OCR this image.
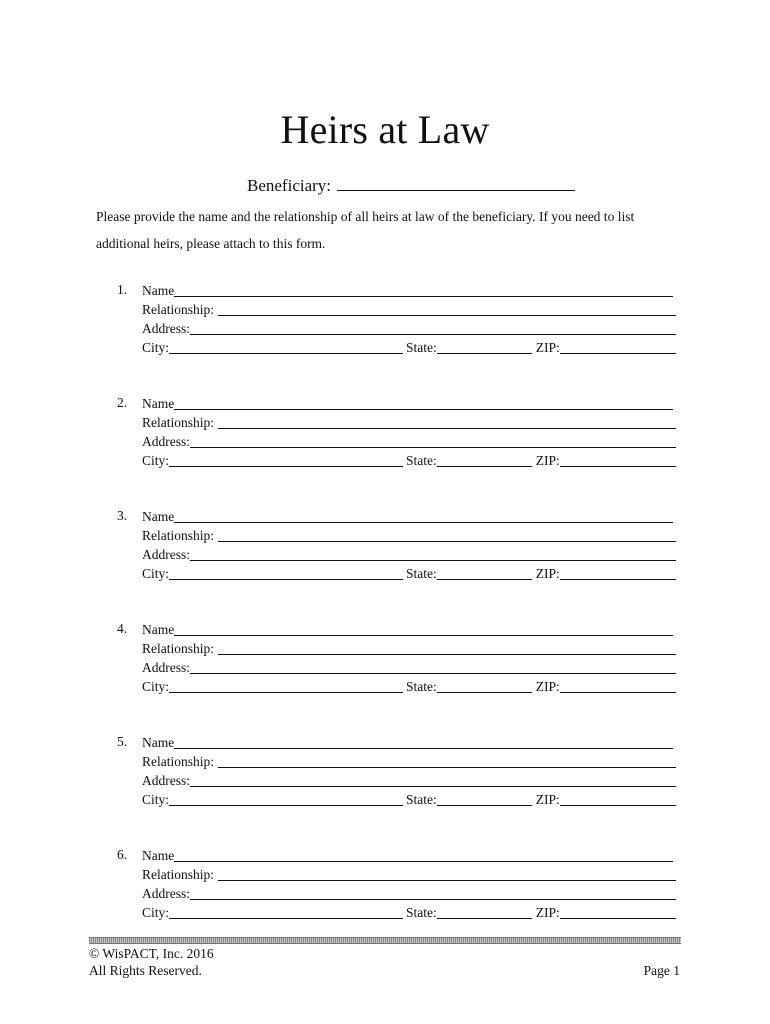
Heirs at Law
Beneficiary:
Please provide the name and the relationship of all heirs at law of the beneficiary. If you need to list additional heirs, please attach to this form.
1. Name
Relationship:
Address:
City:	State:	ZIP:
2. Name
Relationship:
Address:
City:	State:	ZIP:
3. Name
Relationship:
Address:
City:	State:	ZIP:
4. Name
Relationship:
Address:
City:	State:	ZIP:
5. Name
Relationship:
Address:
City:	State:	ZIP:
6. Name
Relationship:
Address:
City:	State:	ZIP:
© WisPACT, Inc. 2016
All Rights Reserved.	Page 1
